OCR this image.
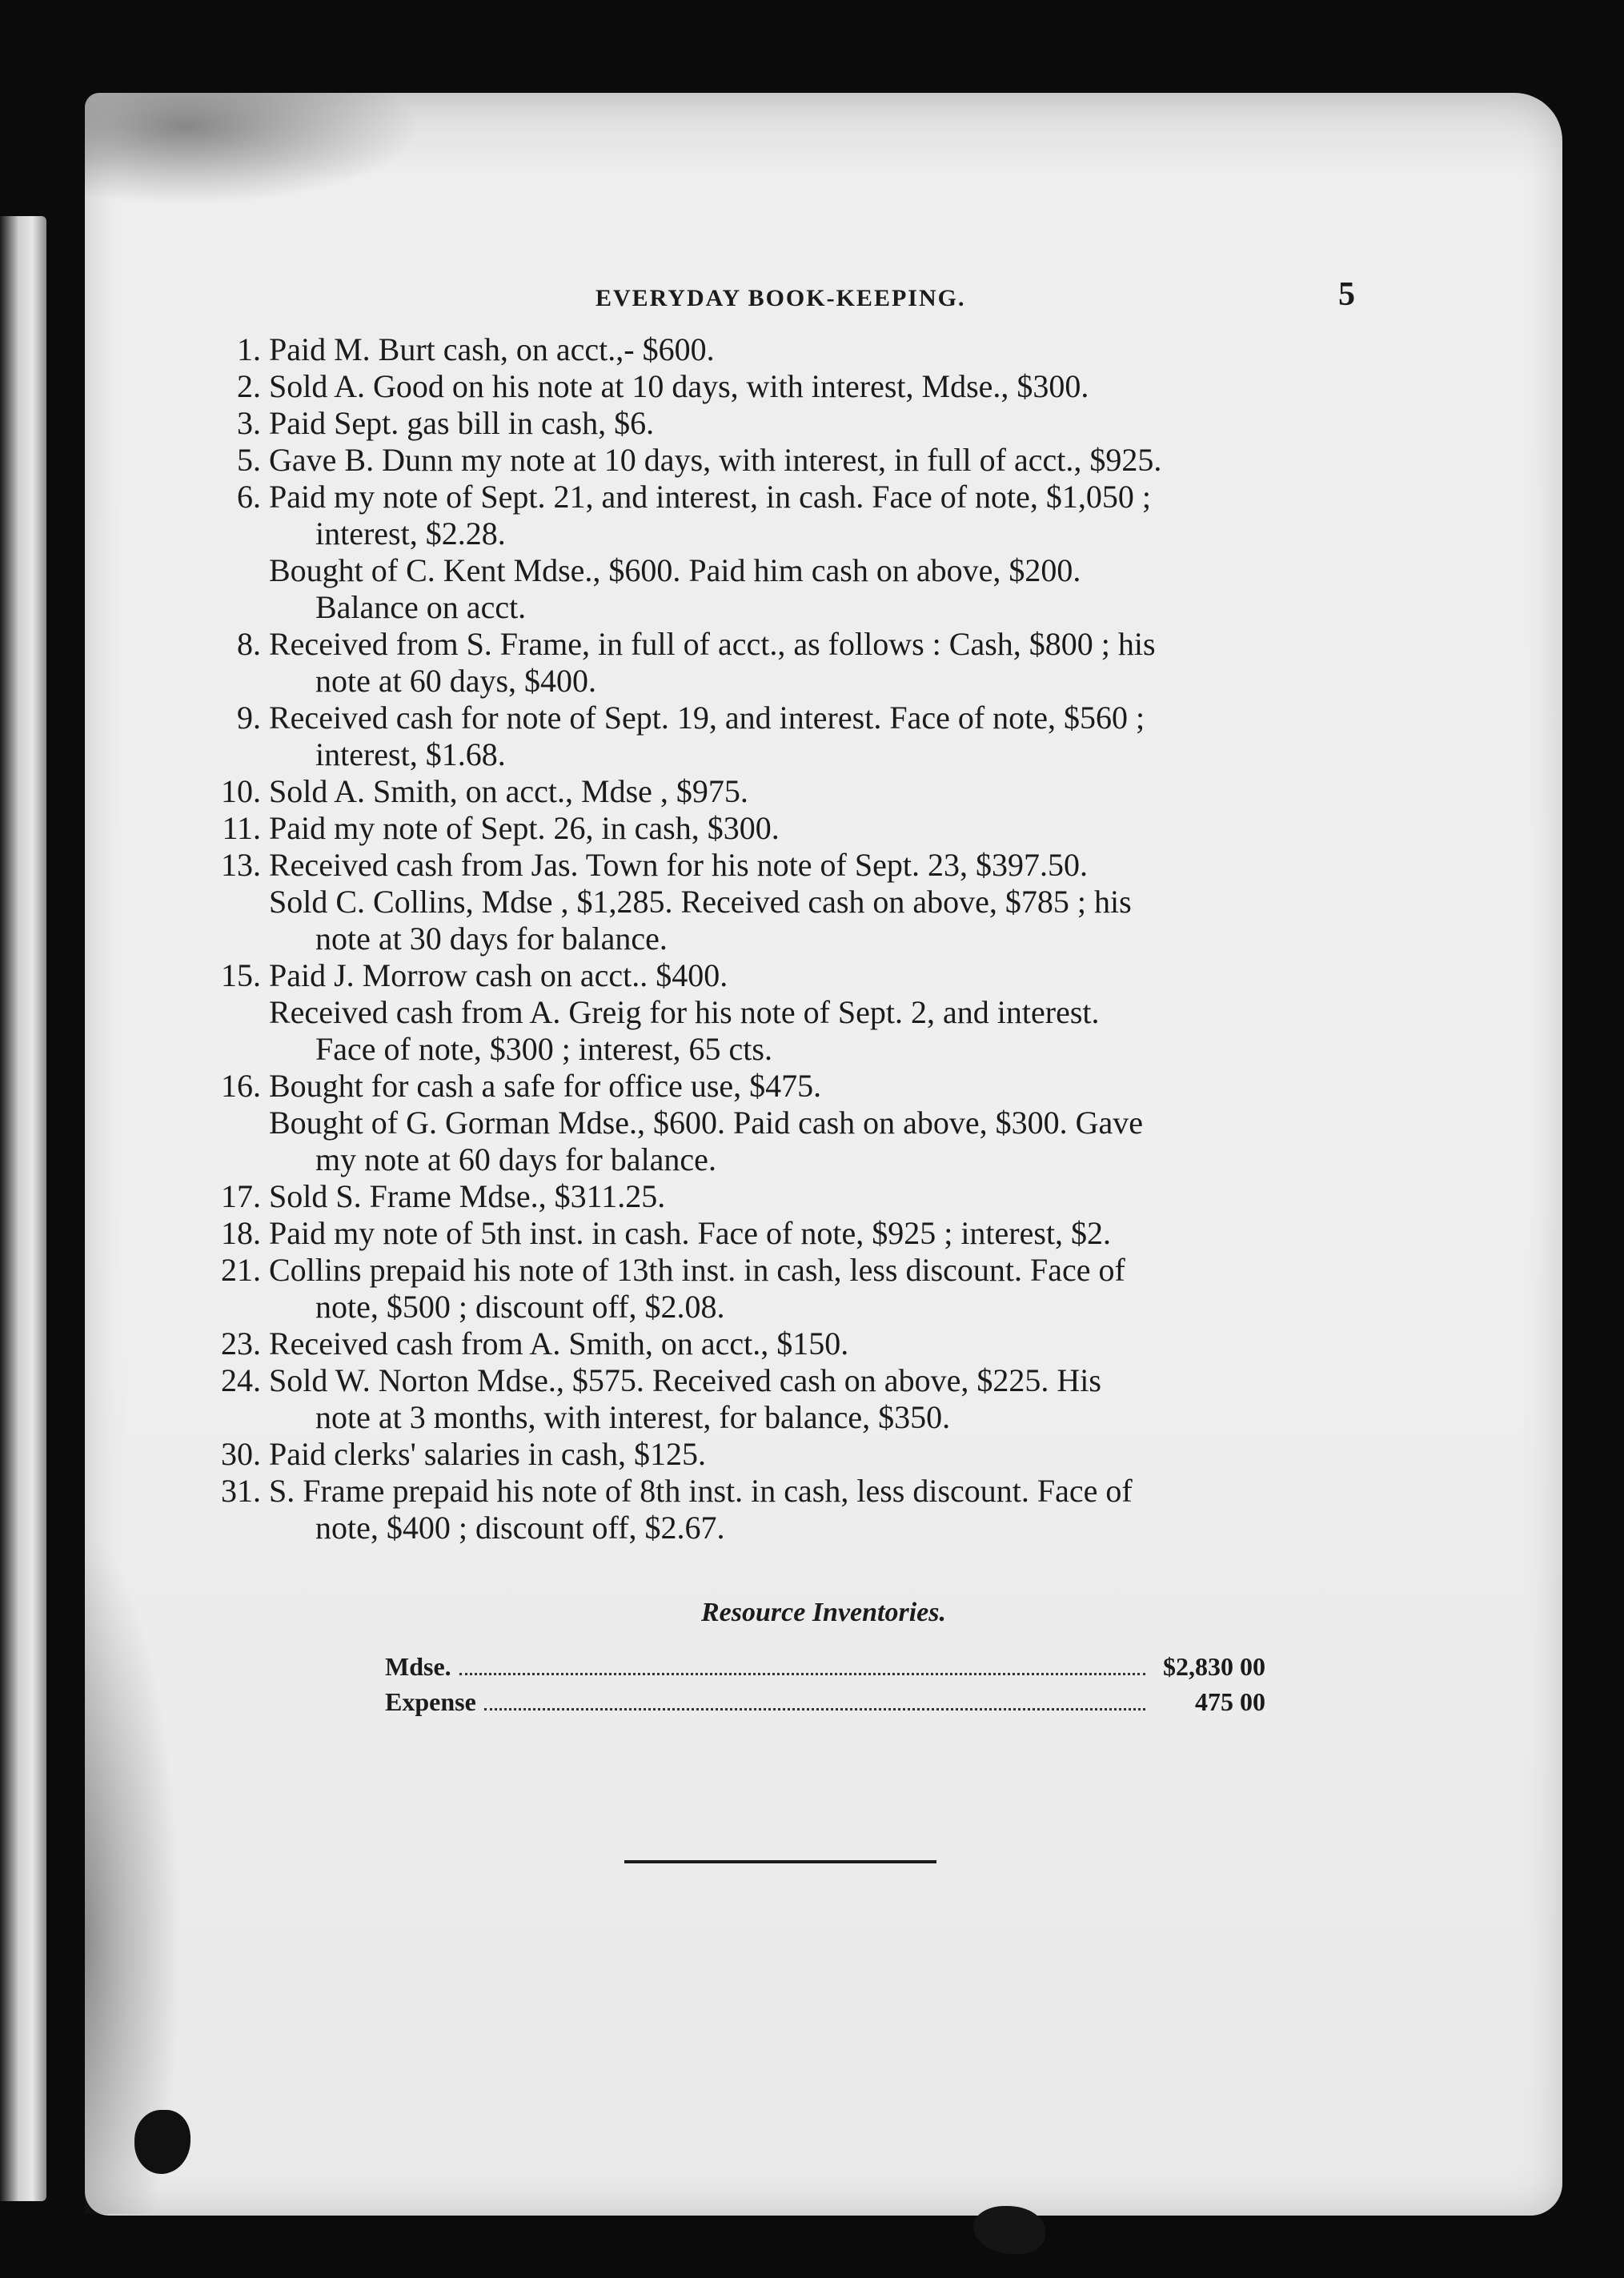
EVERYDAY BOOK-KEEPING.	5
1. Paid M. Burt cash, on acct.,- $600.
2. Sold A. Good on his note at 10 days, with interest, Mdse., $300.
3. Paid Sept. gas bill in cash, $6.
5. Gave B. Dunn my note at 10 days, with interest, in full of acct., $925.
6. Paid my note of Sept. 21, and interest, in cash. Face of note, $1,050 ;
interest, $2.28.
Bought of C. Kent Mdse., $600. Paid him cash on above, $200.
Balance on acct.
8. Received from S. Frame, in full of acct., as follows : Cash, $800 ; his
note at 60 days, $400.
9. Received cash for note of Sept. 19, and interest. Face of note, $560 ;
interest, $1.68.
10. Sold A. Smith, on acct., Mdse , $975.
11. Paid my note of Sept. 26, in cash, $300.
13. Received cash from Jas. Town for his note of Sept. 23, $397.50.
Sold C. Collins, Mdse , $1,285. Received cash on above, $785 ; his
note at 30 days for balance.
15. Paid J. Morrow cash on acct.. $400.
Received cash from A. Greig for his note of Sept. 2, and interest.
Face of note, $300 ; interest, 65 cts.
16. Bought for cash a safe for office use, $475.
Bought of G. Gorman Mdse., $600. Paid cash on above, $300. Gave
my note at 60 days for balance.
17. Sold S. Frame Mdse., $311.25.
18. Paid my note of 5th inst. in cash. Face of note, $925 ; interest, $2.
21. Collins prepaid his note of 13th inst. in cash, less discount. Face of
note, $500 ; discount off, $2.08.
23. Received cash from A. Smith, on acct., $150.
24. Sold W. Norton Mdse., $575. Received cash on above, $225. His
note at 3 months, with interest, for balance, $350.
30. Paid clerks' salaries in cash, $125.
31. S. Frame prepaid his note of 8th inst. in cash, less discount. Face of
note, $400 ; discount off, $2.67.
Resource Inventories.
Mdse.	$2,830 00
Expense	475 00
